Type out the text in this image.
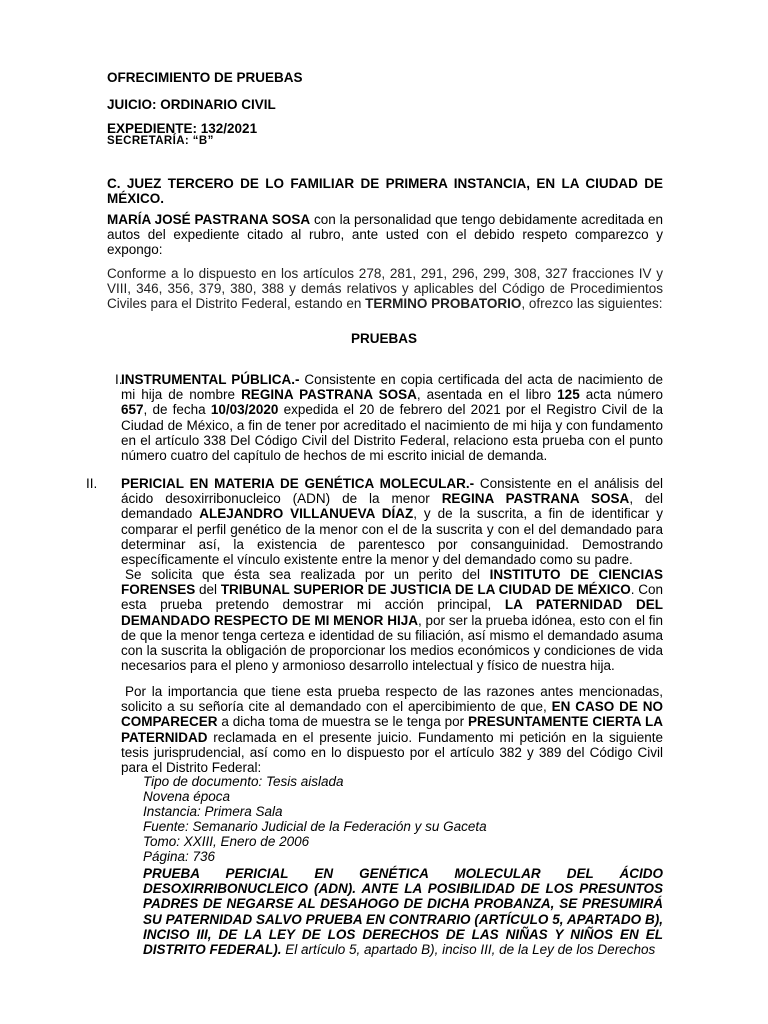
OFRECIMIENTO DE PRUEBAS
JUICIO: ORDINARIO CIVIL
EXPEDIENTE: 132/2021
SECRETARÍA: “B”
C. JUEZ TERCERO DE LO FAMILIAR DE PRIMERA INSTANCIA, EN LA CIUDAD DE MÉXICO.
MARÍA JOSÉ PASTRANA SOSA con la personalidad que tengo debidamente acreditada en autos del expediente citado al rubro, ante usted con el debido respeto comparezco y expongo:
Conforme a lo dispuesto en los artículos 278, 281, 291, 296, 299, 308, 327 fracciones IV y VIII, 346, 356, 379, 380, 388 y demás relativos y aplicables del Código de Procedimientos Civiles para el Distrito Federal, estando en TERMINO PROBATORIO, ofrezco las siguientes:
PRUEBAS
I.
INSTRUMENTAL PÚBLICA.- Consistente en copia certificada del acta de nacimiento de mi hija de nombre REGINA PASTRANA SOSA, asentada en el libro 125 acta número 657, de fecha 10/03/2020 expedida el 20 de febrero del 2021 por el Registro Civil de la Ciudad de México, a fin de tener por acreditado el nacimiento de mi hija y con fundamento en el artículo 338 Del Código Civil del Distrito Federal, relaciono esta prueba con el punto número cuatro del capítulo de hechos de mi escrito inicial de demanda.
II. PERICIAL EN MATERIA DE GENÉTICA MOLECULAR.- Consistente en el análisis del ácido desoxirribonucleico (ADN) de la menor REGINA PASTRANA SOSA, del demandado ALEJANDRO VILLANUEVA DÍAZ, y de la suscrita, a fin de identificar y comparar el perfil genético de la menor con el de la suscrita y con el del demandado para determinar así, la existencia de parentesco por consanguinidad. Demostrando específicamente el vínculo existente entre la menor y del demandado como su padre.
Se solicita que ésta sea realizada por un perito del INSTITUTO DE CIENCIAS FORENSES del TRIBUNAL SUPERIOR DE JUSTICIA DE LA CIUDAD DE MÉXICO. Con esta prueba pretendo demostrar mi acción principal, LA PATERNIDAD DEL DEMANDADO RESPECTO DE MI MENOR HIJA, por ser la prueba idónea, esto con el fin de que la menor tenga certeza e identidad de su filiación, así mismo el demandado asuma con la suscrita la obligación de proporcionar los medios económicos y condiciones de vida necesarios para el pleno y armonioso desarrollo intelectual y físico de nuestra hija.
Por la importancia que tiene esta prueba respecto de las razones antes mencionadas, solicito a su señoría cite al demandado con el apercibimiento de que, EN CASO DE NO COMPARECER a dicha toma de muestra se le tenga por PRESUNTAMENTE CIERTA LA PATERNIDAD reclamada en el presente juicio. Fundamento mi petición en la siguiente tesis jurisprudencial, así como en lo dispuesto por el artículo 382 y 389 del Código Civil para el Distrito Federal:
Tipo de documento: Tesis aislada
Novena época
Instancia: Primera Sala
Fuente: Semanario Judicial de la Federación y su Gaceta
Tomo: XXIII, Enero de 2006
Página: 736
PRUEBA PERICIAL EN GENÉTICA MOLECULAR DEL ÁCIDO DESOXIRRIBONUCLEICO (ADN). ANTE LA POSIBILIDAD DE LOS PRESUNTOS PADRES DE NEGARSE AL DESAHOGO DE DICHA PROBANZA, SE PRESUMIRÁ SU PATERNIDAD SALVO PRUEBA EN CONTRARIO (ARTÍCULO 5, APARTADO B), INCISO III, DE LA LEY DE LOS DERECHOS DE LAS NIÑAS Y NIÑOS EN EL DISTRITO FEDERAL). El artículo 5, apartado B), inciso III, de la Ley de los Derechos
